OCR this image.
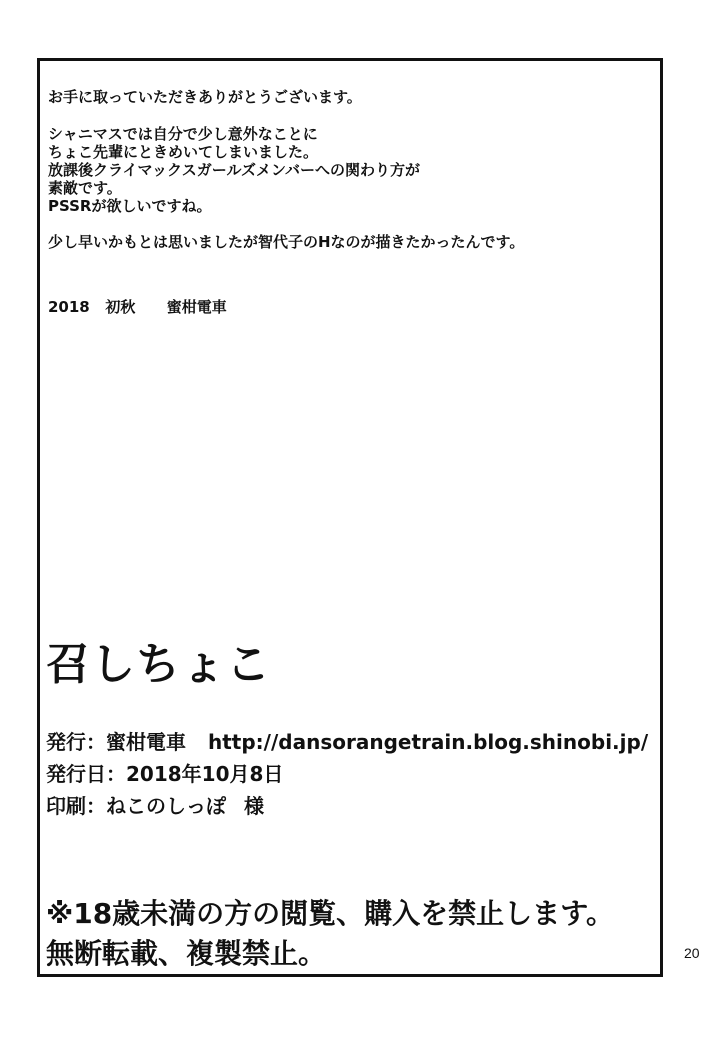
お手に取っていただきありがとうございます。

シャニマスでは自分で少し意外なことに
ちょこ先輩にときめいてしまいました。
放課後クライマックスガールズメンバーへの関わり方が
素敵です。
PSSRが欲しいですね。

少し早いかもとは思いましたが智代子のHなのが描きたかったんです。

2018 初秋 蜜柑電車
召しちょこ
発行：蜜柑電車 http://dansorangetrain.blog.shinobi.jp/
発行日：2018年10月8日
印刷：ねこのしっぽ 様
※18歳未満の方の閲覧、購入を禁止します。
無断転載、複製禁止。	20
